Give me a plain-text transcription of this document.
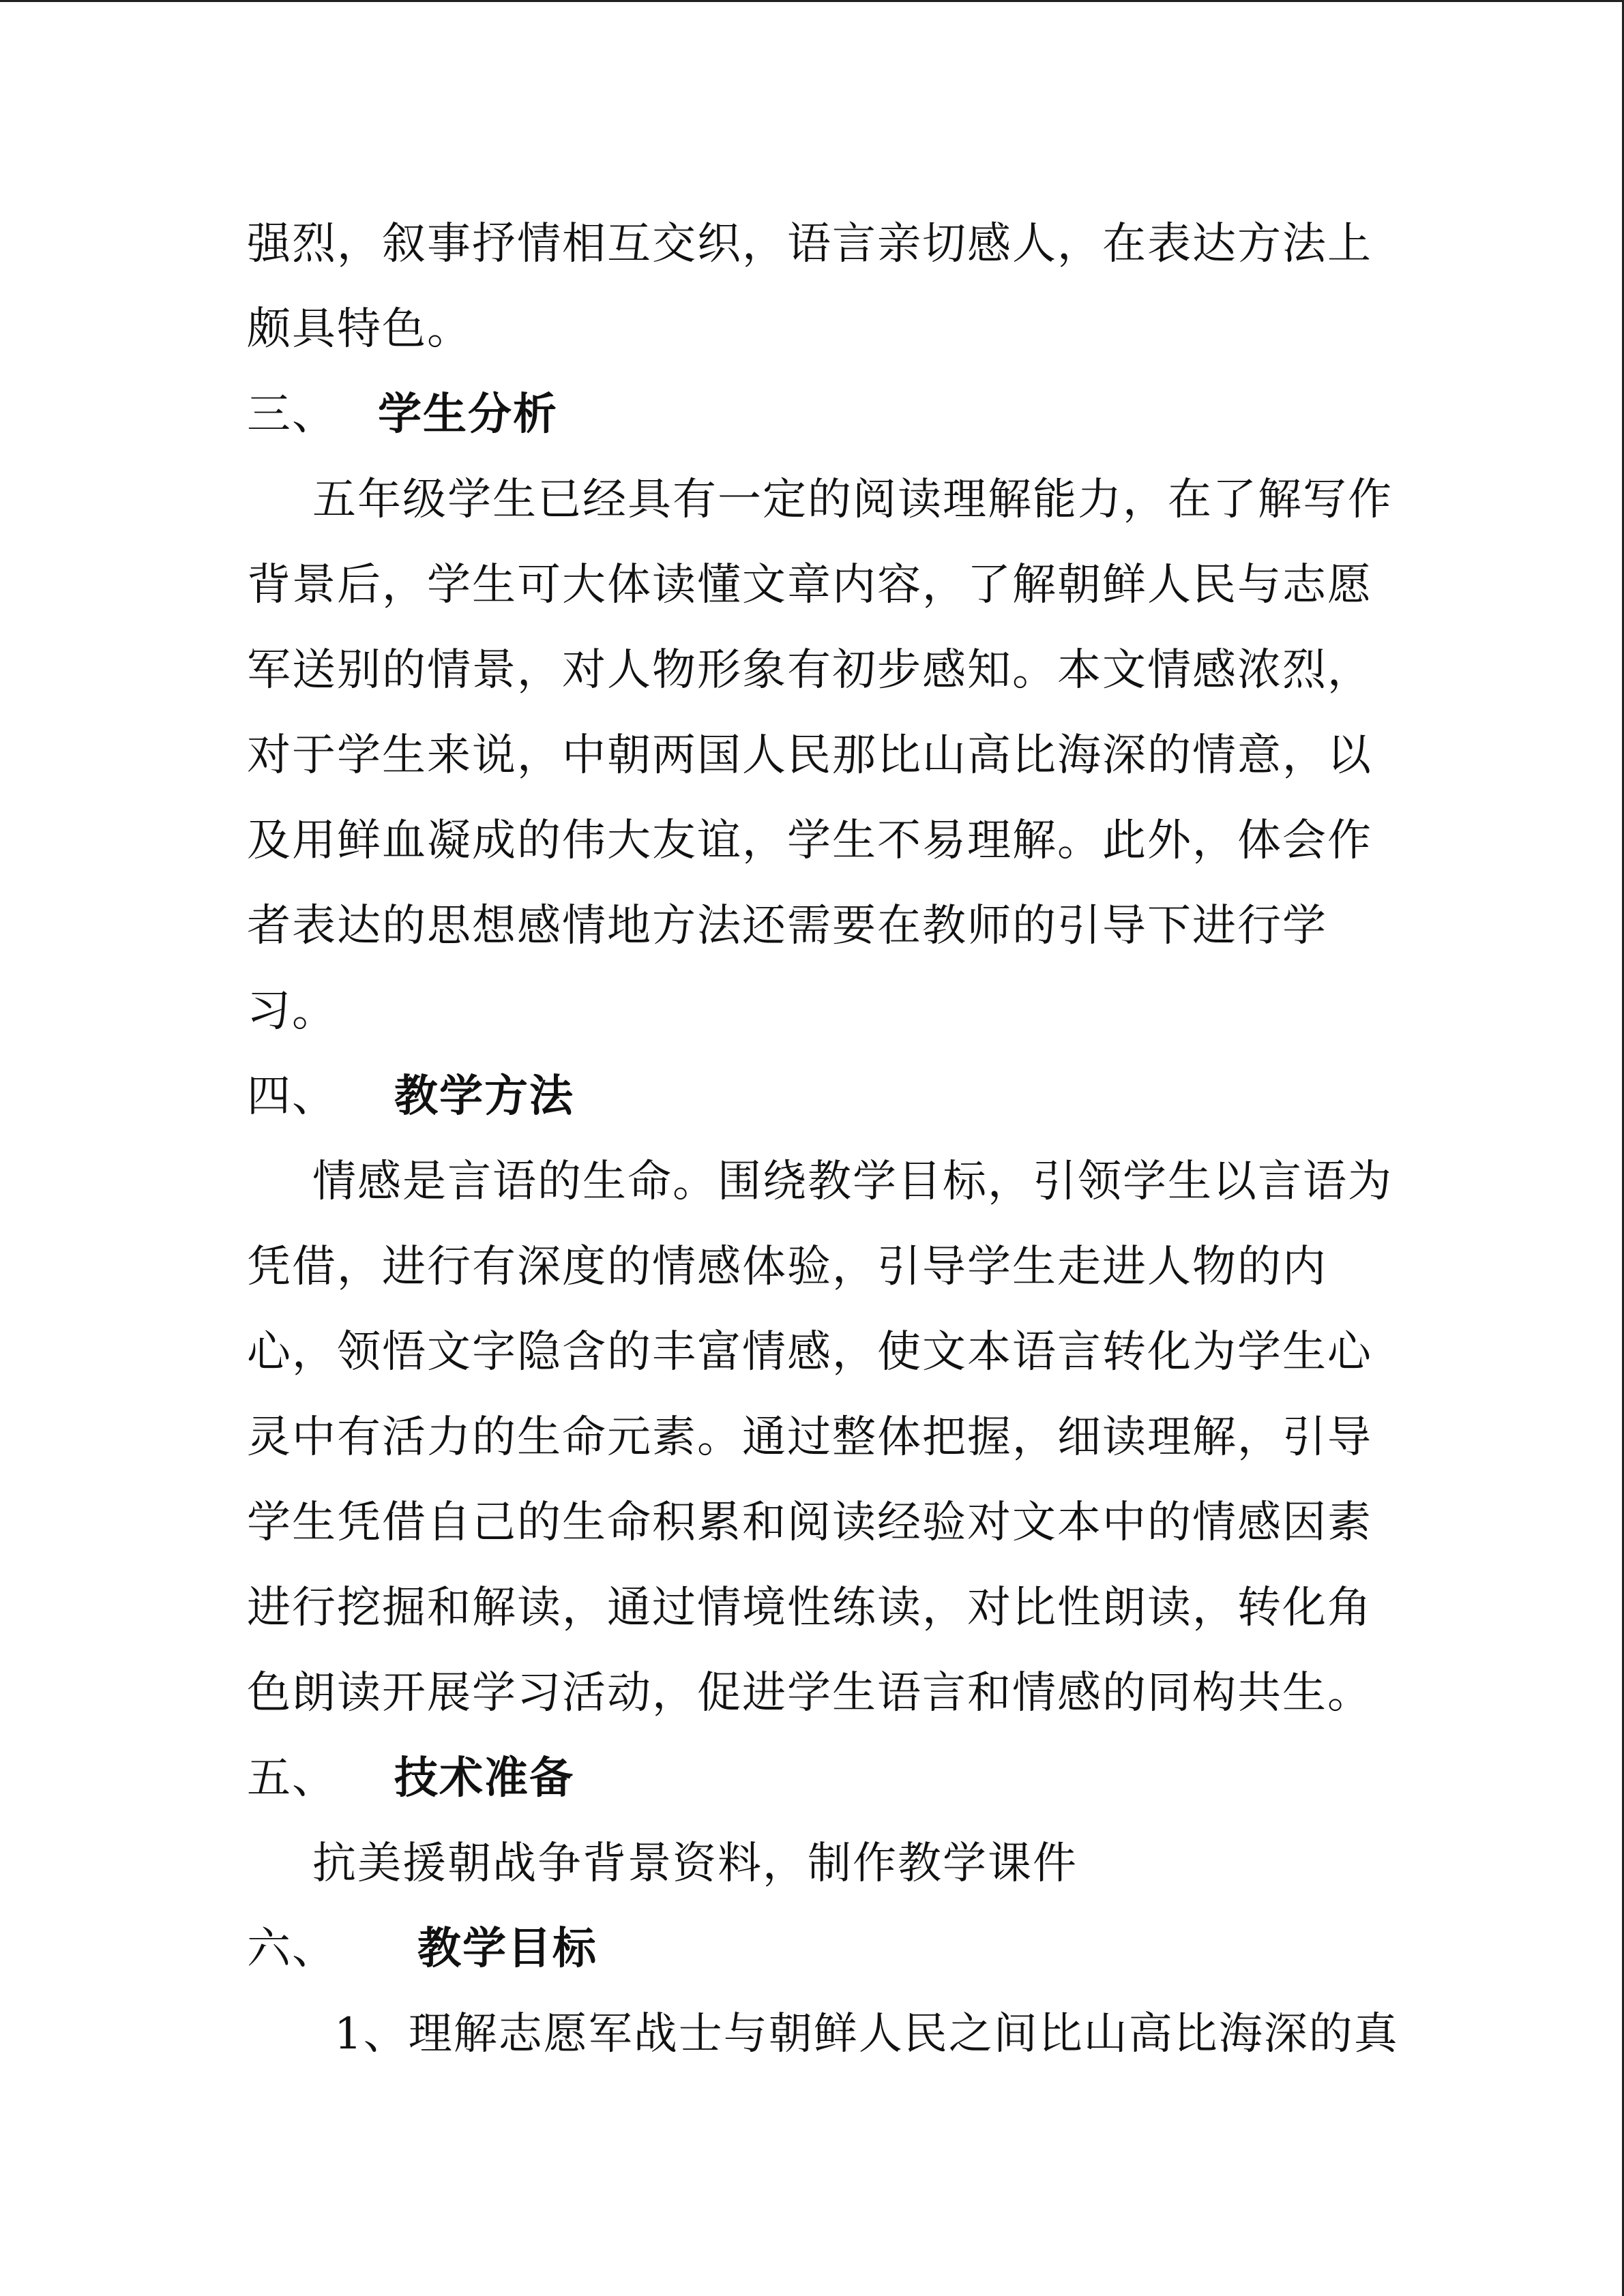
强烈，叙事抒情相互交织，语言亲切感人，在表达方法上
颇具特色。
三、 学生分析
五年级学生已经具有一定的阅读理解能力，在了解写作
背景后，学生可大体读懂文章内容，了解朝鲜人民与志愿
军送别的情景，对人物形象有初步感知。本文情感浓烈，
对于学生来说，中朝两国人民那比山高比海深的情意，以
及用鲜血凝成的伟大友谊，学生不易理解。此外，体会作
者表达的思想感情地方法还需要在教师的引导下进行学
习。
四、 教学方法
情感是言语的生命。围绕教学目标，引领学生以言语为
凭借，进行有深度的情感体验，引导学生走进人物的内
心，领悟文字隐含的丰富情感，使文本语言转化为学生心
灵中有活力的生命元素。通过整体把握，细读理解，引导
学生凭借自己的生命积累和阅读经验对文本中的情感因素
进行挖掘和解读，通过情境性练读，对比性朗读，转化角
色朗读开展学习活动，促进学生语言和情感的同构共生。
五、 技术准备
抗美援朝战争背景资料，制作教学课件
六、 教学目标
1、理解志愿军战士与朝鲜人民之间比山高比海深的真
